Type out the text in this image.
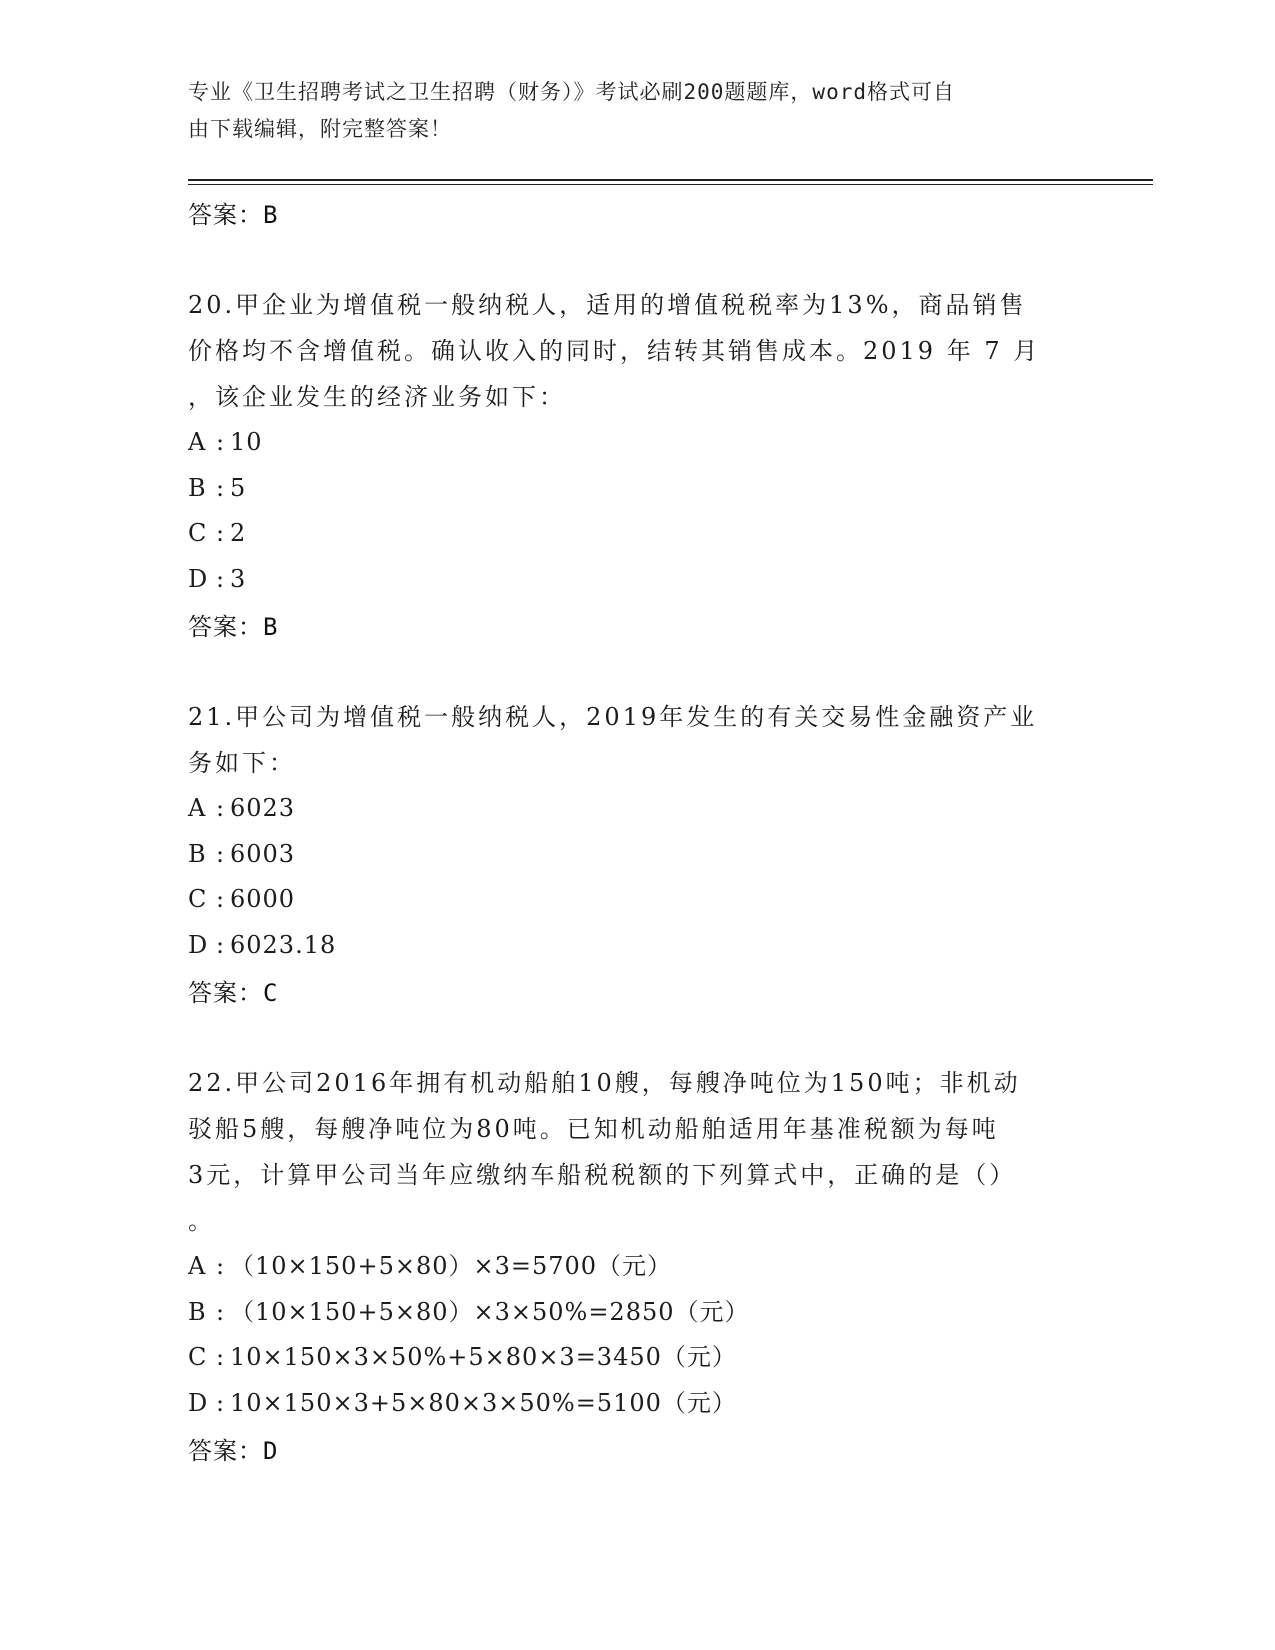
专业《卫生招聘考试之卫生招聘（财务）》考试必刷200题题库，word格式可自
由下载编辑，附完整答案！
答案：B
20.甲企业为增值税一般纳税人，适用的增值税税率为13%，商品销售
价格均不含增值税。确认收入的同时，结转其销售成本。2019 年 7 月
，该企业发生的经济业务如下：
A : 10
B : 5
C : 2
D : 3
答案：B
21.甲公司为增值税一般纳税人，2019年发生的有关交易性金融资产业
务如下：
A : 6023
B : 6003
C : 6000
D : 6023.18
答案：C
22.甲公司2016年拥有机动船舶10艘，每艘净吨位为150吨；非机动
驳船5艘，每艘净吨位为80吨。已知机动船舶适用年基准税额为每吨
3元，计算甲公司当年应缴纳车船税税额的下列算式中，正确的是（）
。
A : （10×150+5×80）×3=5700（元）
B : （10×150+5×80）×3×50%=2850（元）
C : 10×150×3×50%+5×80×3=3450（元）
D : 10×150×3+5×80×3×50%=5100（元）
答案：D
